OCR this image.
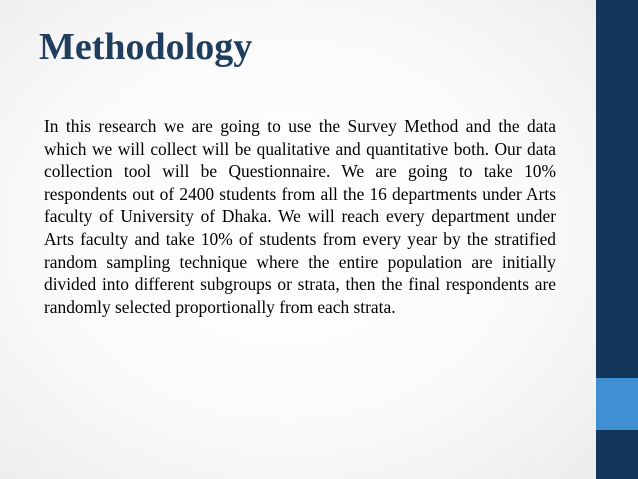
Methodology

In this research we are going to use the Survey Method and the data which we will collect will be qualitative and quantitative both. Our data collection tool will be Questionnaire. We are going to take 10% respondents out of 2400 students from all the 16 departments under Arts faculty of University of Dhaka. We will reach every department under Arts faculty and take 10% of students from every year by the stratified random sampling technique where the entire population are initially divided into different subgroups or strata, then the final respondents are randomly selected proportionally from each strata.
